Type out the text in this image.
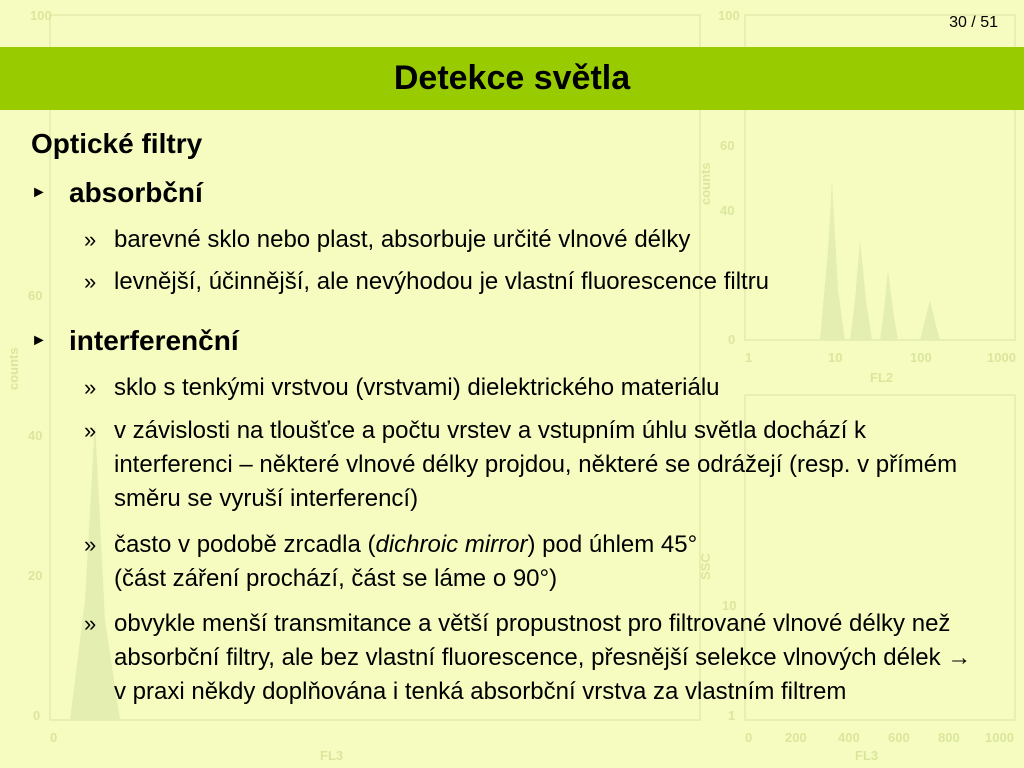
100
60
40
20
0
0
FL3
counts
100
60
40
0
1	10	100	1000
FL2
counts
10
1
0	200 400 600 800 1000
FL3
SSC
30 / 51
Detekce světla
Optické filtry
► absorbční
» barevné sklo nebo plast, absorbuje určité vlnové délky
» levnější, účinnější, ale nevýhodou je vlastní fluorescence filtru
► interferenční
» sklo s tenkými vrstvou (vrstvami) dielektrického materiálu
» v závislosti na tloušťce a počtu vrstev a vstupním úhlu světla dochází k interferenci – některé vlnové délky projdou, některé se odrážejí (resp. v přímém směru se vyruší interferencí)
» často v podobě zrcadla (dichroic mirror) pod úhlem 45°
(část záření prochází, část se láme o 90°)
» obvykle menší transmitance a větší propustnost pro filtrované vlnové délky než absorbční filtry, ale bez vlastní fluorescence, přesnější selekce vlnových délek → v praxi někdy doplňována i tenká absorbční vrstva za vlastním filtrem
